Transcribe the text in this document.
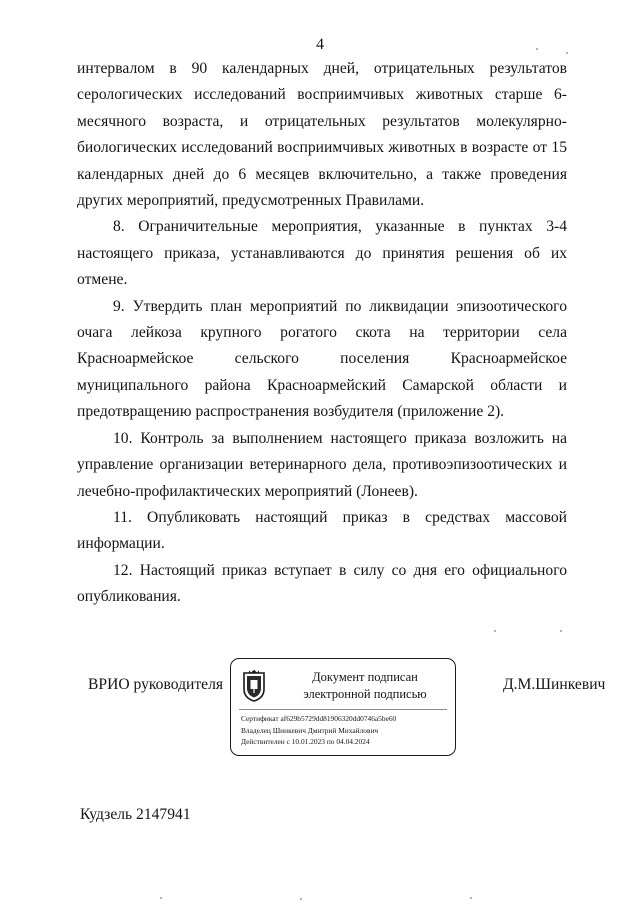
4

интервалом в 90 календарных дней, отрицательных результатов серологических исследований восприимчивых животных старше 6-месячного возраста, и отрицательных результатов молекулярно-биологических исследований восприимчивых животных в возрасте от 15 календарных дней до 6 месяцев включительно, а также проведения других мероприятий, предусмотренных Правилами.

8. Ограничительные мероприятия, указанные в пунктах 3-4 настоящего приказа, устанавливаются до принятия решения об их отмене.

9. Утвердить план мероприятий по ликвидации эпизоотического очага лейкоза крупного рогатого скота на территории села Красноармейское сельского поселения Красноармейское муниципального района Красноармейский Самарской области и предотвращению распространения возбудителя (приложение 2).

10. Контроль за выполнением настоящего приказа возложить на управление организации ветеринарного дела, противоэпизоотических и лечебно-профилактических мероприятий (Лонеев).

11. Опубликовать настоящий приказ в средствах массовой информации.

12. Настоящий приказ вступает в силу со дня его официального опубликования.

ВРИО руководителя	Документ подписан
электронной подписью
Сертификат af629b5729dd81906320dd0746a5be60
Владелец Шинкевич Дмитрий Михайлович
Действителен с 10.01.2023 по 04.04.2024
Д.М.Шинкевич
Кудзель 2147941
